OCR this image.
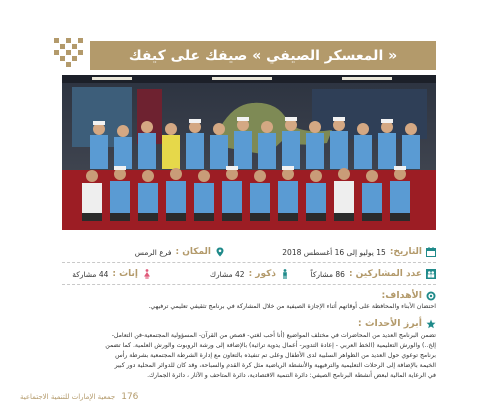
« المعسكر الصيفي » صيفك على كيفك
التاريخ:
15 يوليو إلى 16 أغسطس 2018
المكان :
فرع الرمس
عدد المشاركين :
86 مشاركاً
ذكور :
42 مشارك
إناث :
44 مشاركة
الأهداف:
احتضان الأبناء والمحافظة على أوقاتهم أثناء الإجازة الصيفية من خلال المشاركة في برنامج تثقيفي تعليمي ترفيهي.
أبرز الأحداث :
تضمن البرنامج العديد من المحاضرات في مختلف المواضيع (أنا أحب لغتي- قصص من القرآن- المسؤولية المجتمعية-فن التعامل-
إلخ..) والورش التعليمية (الخط العربي - إعادة التدوير- أعمال يدوية تراثية) بالإضافة إلى ورشة الروبوت والورش العلمية. كما تضمن
برنامج توعوي حول العديد من الظواهر السلبية لدى الأطفال وعلى تم تنفيذه بالتعاون مع إدارة الشرطة المجتمعية بشرطة رأس
الخيمة بالإضافة إلى الرحلات التعليمية والترفيهية والأنشطة الرياضية مثل كرة القدم والسباحة، وقد كان للدوائر المحلية دور كبير
في الرعاية المالية لبعض أنشطة البرنامج الصيفي: دائرة التنمية الاقتصادية، دائرة المتاحف و الآثار ، دائرة الجمارك.
جمعية الإمارات للتنمية الاجتماعية 176
